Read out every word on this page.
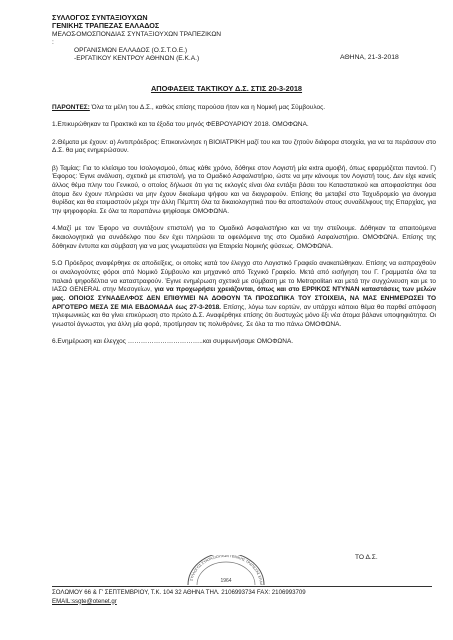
ΣΥΛΛΟΓΟΣ ΣΥΝΤΑΞΙΟΥΧΩΝ
ΓΕΝΙΚΗΣ ΤΡΑΠΕΖΑΣ ΕΛΛΑΔΟΣ
ΜΕΛΟΣ :
-ΟΜΟΣΠΟΝΔΙΑΣ ΣΥΝΤΑΞΙΟΥΧΩΝ ΤΡΑΠΕΖΙΚΩΝ
ΟΡΓΑΝΙΣΜΩΝ ΕΛΛΑΔΟΣ (Ο.Σ.Τ.Ο.Ε.)
-ΕΡΓΑΤΙΚΟΥ ΚΕΝΤΡΟΥ ΑΘΗΝΩΝ (Ε.Κ.Α.)	ΑΘΗΝΑ, 21-3-2018
ΑΠΟΦΑΣΕΙΣ ΤΑΚΤΙΚΟΥ Δ.Σ. ΣΤΙΣ 20-3-2018

ΠΑΡΟΝΤΕΣ: Όλα τα μέλη του Δ.Σ., καθώς επίσης παρούσα ήταν και η Νομική μας Σύμβουλος.

1.Επικυρώθηκαν τα Πρακτικά και τα έξοδα του μηνός ΦΕΒΡΟΥΑΡΙΟΥ 2018. ΟΜΟΦΩΝΑ.

2.Θέματα με έχουν: α) Αντιπρόεδρος: Επικοινώνησε η ΒΙΟΙΑΤΡΙΚΗ μαζί του και του ζητούν διάφορα στοιχεία, για να τα περάσουν στο Δ.Σ. θα μας ενημερώσουν.

β) Ταμίας: Για το κλείσιμο του Ισολογισμού, όπως κάθε χρόνο, δόθηκε στον Λογιστή μία extra αμοιβή, όπως εφαρμόζεται παντού. Γ) Έφορος: Έγινε ανάλυση, σχετικά με επιστολή, για το Ομαδικό Ασφαλιστήριο, ώστε να μην κάνουμε τον Λογιστή τους. Δεν είχε κανείς άλλος θέμα πλην του Γενικού, ο οποίος δήλωσε ότι για τις εκλογές είναι όλα εντάξει βάσει του Καταστατικού και αποφασίστηκε όσα άτομα δεν έχουν πληρώσει να μην έχουν δικαίωμα ψήφου και να διαγραφούν. Επίσης θα μεταβεί στο Ταχυδρομείο για άνοιγμα θυρίδας και θα ετοιμαστούν μέχρι την άλλη Πέμπτη όλα τα δικαιολογητικά που θα αποσταλούν στους συναδέλφους της Επαρχίας, για την ψηφοφορία. Σε όλα τα παραπάνω ψηφίσαμε ΟΜΟΦΩΝΑ.

4.Μαζί με τον Έφορο να συντάξουν επιστολή για το Ομαδικό Ασφαλιστήριο και να την στείλουμε. Δόθηκαν τα απαιτούμενα δικαιολογητικά για συνάδελφο που δεν έχει πληρώσει τα οφειλόμενα της στο Ομαδικό Ασφαλιστήριο. ΟΜΟΦΩΝΑ. Επίσης της δόθηκαν έντυπα και σύμβαση για να μας γνωματεύσει για Εταιρεία Νομικής φύσεως. ΟΜΟΦΩΝΑ.

5.Ο Πρόεδρος αναφέρθηκε σε αποδείξεις, οι οποίες κατά τον έλεγχο στο Λογιστικό Γραφείο ανακατώθηκαν. Επίσης να εισπραχθούν οι αναλογούντες φόροι από Νομικό Σύμβουλο και μηχανικό από Τεχνικό Γραφείο. Μετά από εισήγηση του Γ. Γραμματέα όλα τα παλαιά ψηφοδέλτια να καταστραφούν. Έγινε ενημέρωση σχετικά με σύμβαση με το Metropolitan και μετά την συγχώνευση και με το ΙΑΣΩ GENERAL στην Μεσογείων, για να προχωρήσει χρειάζονται, όπως και στο ΕΡΡΙΚΟΣ ΝΤΥΝΑΝ καταστάσεις των μελών μας. ΟΠΟΙΟΣ ΣΥΝΑΔΕΛΦΟΣ ΔΕΝ ΕΠΙΘΥΜΕΙ ΝΑ ΔΟΘΟΥΝ ΤΑ ΠΡΟΣΩΠΙΚΑ ΤΟΥ ΣΤΟΙΧΕΙΑ, ΝΑ ΜΑΣ ΕΝΗΜΕΡΩΣΕΙ ΤΟ ΑΡΓΟΤΕΡΟ ΜΕΣΑ ΣΕ ΜΙΑ ΕΒΔΟΜΑΔΑ έως 27-3-2018. Επίσης, λόγω των εορτών, αν υπάρχει κάποιο θέμα θα παρθεί απόφαση τηλεφωνικώς και θα γίνει επικύρωση στο πρώτο Δ.Σ. Αναφέρθηκε επίσης ότι δυστυχώς μόνο έξι νέα άτομα βάλανε υποψηφιότητα. Οι γνωστοί άγνωστοι, για άλλη μία φορά, προτίμησαν τις πολυθρόνες. Σε όλα τα πιο πάνω ΟΜΟΦΩΝΑ.

6.Ενημέρωση και έλεγχος ……………………………..και συμφωνήσαμε ΟΜΟΦΩΝΑ.

ΣΥΛΛΟΓΟΣ ΣΥΝΤΑΞΙΟΥΧΩΝ ΓΕΝΙΚΗΣ ΤΡΑΠΕΖΑΣ ΕΛΛΑ
1964
ΤΟ Δ.Σ.
ΣΟΛΩΜΟΥ 66 & Γ' ΣΕΠΤΕΜΒΡΙΟΥ, Τ.Κ. 104 32 ΑΘΗΝΑ ΤΗΛ. 2106993734 FAX: 2106993709
EMAIL:ssgte@otenet.gr
